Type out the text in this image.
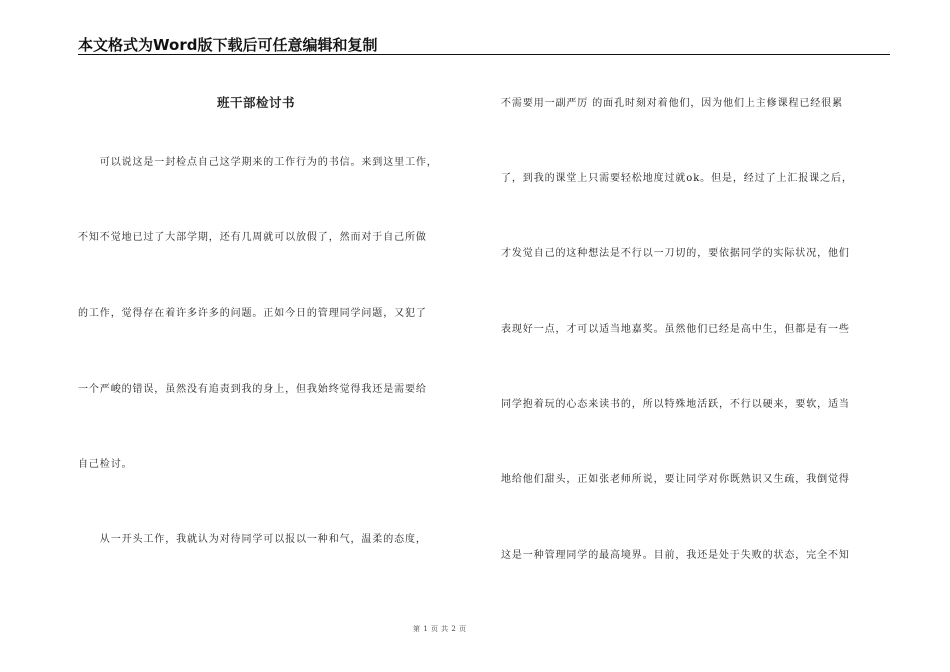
本文格式为Word版下载后可任意编辑和复制
班干部检讨书
　　可以说这是一封检点自己这学期来的工作行为的书信。来到这里工作，
不知不觉地已过了大部学期，还有几周就可以放假了，然而对于自己所做
的工作，觉得存在着许多许多的问题。正如今日的管理同学问题，又犯了
一个严峻的错误，虽然没有追责到我的身上，但我始终觉得我还是需要给
自己检讨。
　　从一开头工作，我就认为对待同学可以报以一种和气，温柔的态度，
不需要用一副严厉 的面孔时刻对着他们，因为他们上主修课程已经很累
了，到我的课堂上只需要轻松地度过就ok。但是，经过了上汇报课之后，
才发觉自己的这种想法是不行以一刀切的，要依据同学的实际状况，他们
表现好一点，才可以适当地嘉奖。虽然他们已经是高中生，但都是有一些
同学抱着玩的心态来读书的，所以特殊地活跃，不行以硬来，要软，适当
地给他们甜头，正如张老师所说，要让同学对你既熟识又生疏，我倒觉得
这是一种管理同学的最高境界。目前，我还是处于失败的状态，完全不知
第 1 页 共 2 页
